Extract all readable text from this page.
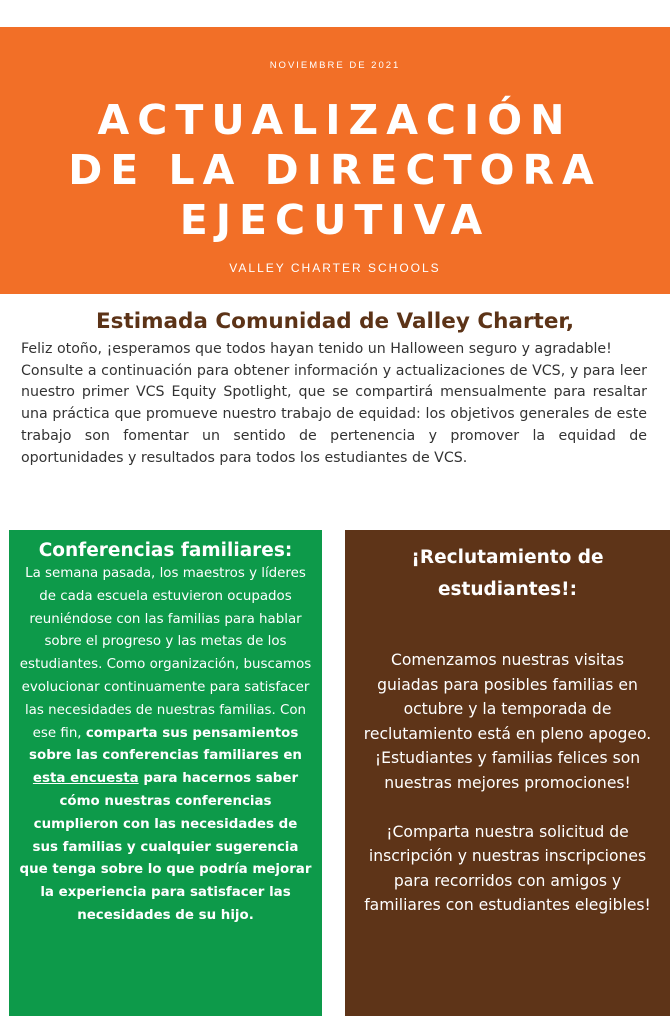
NOVIEMBRE DE 2021
ACTUALIZACIÓN
DE LA DIRECTORA
EJECUTIVA
VALLEY CHARTER SCHOOLS
Estimada Comunidad de Valley Charter,

Feliz otoño, ¡esperamos que todos hayan tenido un Halloween seguro y agradable!

Consulte a continuación para obtener información y actualizaciones de VCS, y para leer nuestro primer VCS Equity Spotlight, que se compartirá mensualmente para resaltar una práctica que promueve nuestro trabajo de equidad: los objetivos generales de este trabajo son fomentar un sentido de pertenencia y promover la equidad de oportunidades y resultados para todos los estudiantes de VCS.

Conferencias familiares:
La semana pasada, los maestros y líderes de cada escuela estuvieron ocupados reuniéndose con las familias para hablar sobre el progreso y las metas de los estudiantes. Como organización, buscamos evolucionar continuamente para satisfacer las necesidades de nuestras familias. Con ese fin, comparta sus pensamientos sobre las conferencias familiares en esta encuesta para hacernos saber cómo nuestras conferencias cumplieron con las necesidades de sus familias y cualquier sugerencia que tenga sobre lo que podría mejorar la experiencia para satisfacer las necesidades de su hijo.
¡Reclutamiento de estudiantes!:

Comenzamos nuestras visitas guiadas para posibles familias en octubre y la temporada de reclutamiento está en pleno apogeo. ¡Estudiantes y familias felices son nuestras mejores promociones!

¡Comparta nuestra solicitud de inscripción y nuestras inscripciones para recorridos con amigos y familiares con estudiantes elegibles!
